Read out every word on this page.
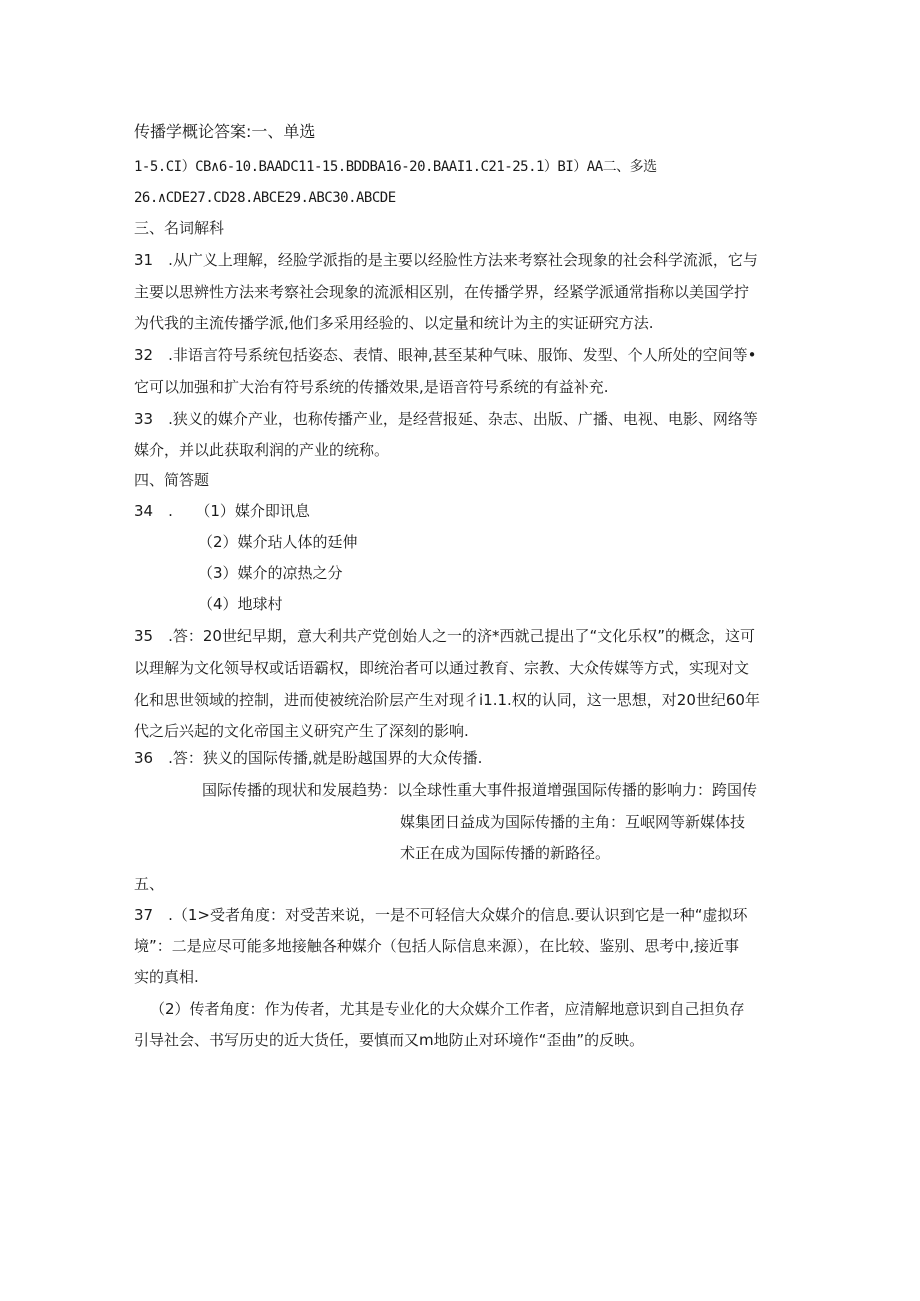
传播学概论答案:一、单选
1-5.CI）CB∧6-10.BAADC11-15.BDDBA16-20.BAAI1.C21-25.1）BI）AA二、多选
26.∧CDE27.CD28.ABCE29.ABC30.ABCDE
三、名词解科
31　.从广义上理解，经脸学派指的是主要以经脸性方法来考察社会现象的社会科学流派，它与
主要以思辨性方法来考察社会现象的流派相区别，在传播学界，经紧学派通常指称以美国学拧
为代我的主流传播学派,他们多采用经验的、以定量和统计为主的实证研究方法.
32　.非语言符号系统包括姿态、表情、眼神,甚至某种气味、服饰、发型、个人所处的空间等•
它可以加强和扩大治有符号系统的传播效果,是语音符号系统的有益补充.
33　.狭义的媒介产业，也称传播产业，是经营报延、杂志、出版、广播、电视、电影、网络等
媒介，并以此获取利润的产业的统称。
四、简答题
34　.　　（1）媒介即讯息
（2）媒介玷人体的廷伸
（3）媒介的凉热之分
（4）地球村
35　.答：20世纪早期，意大利共产党创始人之一的济*西就己提出了“文化乐权”的概念，这可
以理解为文化领导权或话语霸权，即统治者可以通过教育、宗教、大众传媒等方式，实现对文
化和思世领域的控制，进而使被统治阶层产生对现彳i1.1.权的认同，这一思想，对20世纪60年
代之后兴起的文化帝国主义研究产生了深刻的影响.
36　.答：狭义的国际传播,就是盼越国界的大众传播.
国际传播的现状和发展趋势：以全球性重大事件报道增强国际传播的影响力：跨国传
媒集团日益成为国际传播的主角：互岷网等新媒体技
术正在成为国际传播的新路径。
五、
37　.（1>受者角度：对受苦来说，一是不可轻信大众媒介的信息.要认识到它是一种“虚拟环
境”：二是应尽可能多地接触各种媒介（包括人际信息来源），在比较、鉴别、思考中,接近事
实的真相.
（2）传者角度：作为传者，尤其是专业化的大众媒介工作者，应清解地意识到自己担负存
引导社会、书写历史的近大货任，要慎而又m地防止对环境作“歪曲”的反映。
